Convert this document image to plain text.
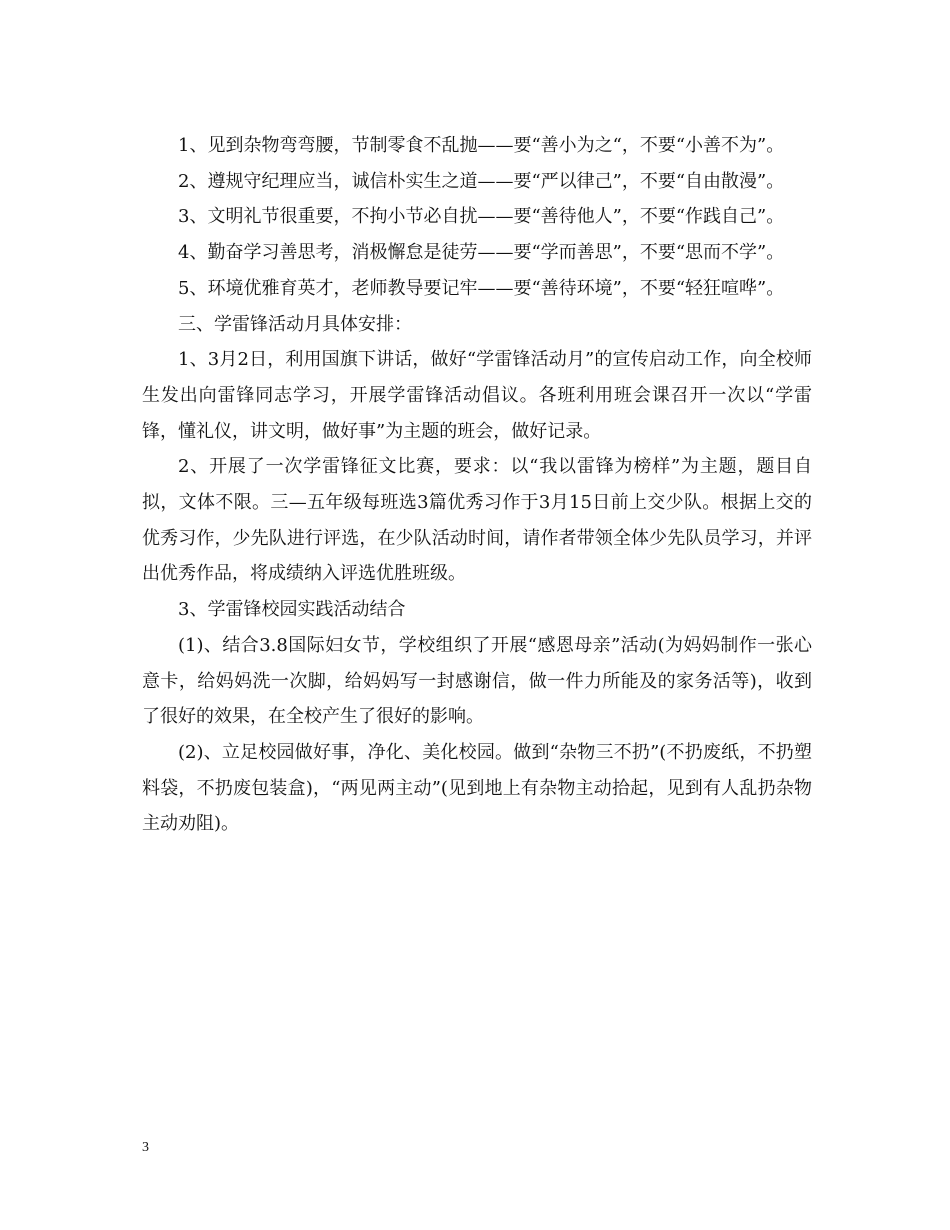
1、见到杂物弯弯腰，节制零食不乱抛——要“善小为之“，不要“小善不为”。

2、遵规守纪理应当，诚信朴实生之道——要“严以律己”，不要“自由散漫”。

3、文明礼节很重要，不拘小节必自扰——要“善待他人”，不要“作践自己”。

4、勤奋学习善思考，消极懈怠是徒劳——要“学而善思”，不要“思而不学”。

5、环境优雅育英才，老师教导要记牢——要“善待环境”，不要“轻狂喧哗”。

三、学雷锋活动月具体安排：

1、3月2日，利用国旗下讲话，做好“学雷锋活动月”的宣传启动工作，向全校师生发出向雷锋同志学习，开展学雷锋活动倡议。各班利用班会课召开一次以“学雷锋，懂礼仪，讲文明，做好事”为主题的班会，做好记录。

2、开展了一次学雷锋征文比赛，要求：以“我以雷锋为榜样”为主题，题目自拟，文体不限。三—五年级每班选3篇优秀习作于3月15日前上交少队。根据上交的优秀习作，少先队进行评选，在少队活动时间，请作者带领全体少先队员学习，并评出优秀作品，将成绩纳入评选优胜班级。

3、学雷锋校园实践活动结合

(1)、结合3.8国际妇女节，学校组织了开展“感恩母亲”活动(为妈妈制作一张心意卡，给妈妈洗一次脚，给妈妈写一封感谢信，做一件力所能及的家务活等)，收到了很好的效果，在全校产生了很好的影响。

(2)、立足校园做好事，净化、美化校园。做到“杂物三不扔”(不扔废纸，不扔塑料袋，不扔废包装盒)，“两见两主动”(见到地上有杂物主动拾起，见到有人乱扔杂物主动劝阻)。

3
